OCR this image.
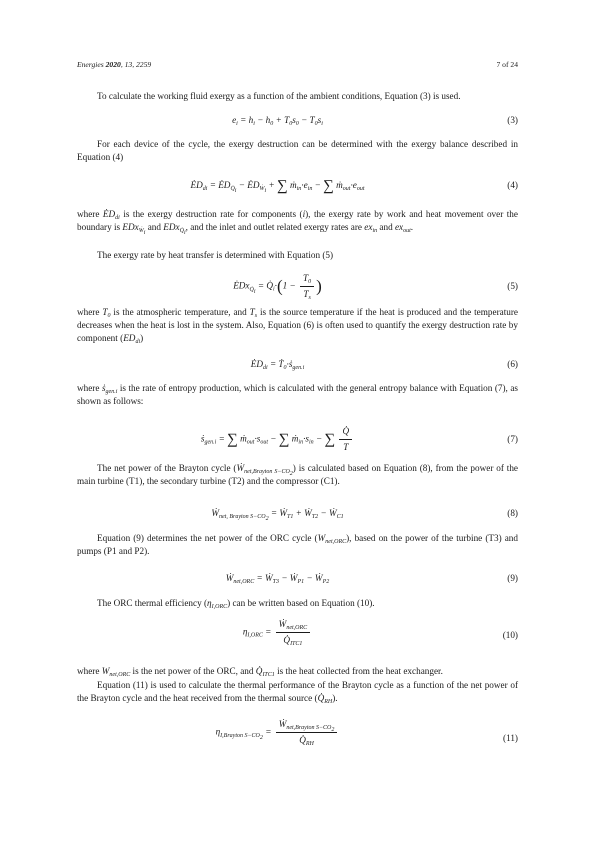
Energies 2020, 13, 2259	7 of 24
To calculate the working fluid exergy as a function of the ambient conditions, Equation (3) is used.
$e_i = h_i - h_0 + T_0s_0 - T_0s_i$	(3)
For each device of the cycle, the exergy destruction can be determined with the exergy balance described in Equation (4)
$ĖD_{di}$ = $ĖD_{Q̇_i}$ − $ĖD_{Ẇ_i}$ + ∑ $ṁ_{in}\cdot e_{in}$ − ∑ $ṁ_{out}\cdot e_{out}$	(4)
where $ĖD_{di}$ is the exergy destruction rate for components (i), the exergy rate by work and heat movement over the boundary is EDx$_{Ẇ_i}$ and EDx$_{Q̇_i}$, and the inlet and outlet related exergy rates are $ex_{in}$ and $ex_{out}$.
The exergy rate by heat transfer is determined with Equation (5)
ĖDx$_{Q̇_i}$ = $Q̇_i\cdot(1 - \frac{T_0}{T_s}$ )	(5)
where $T_0$ is the atmospheric temperature, and $T_s$ is the source temperature if the heat is produced and the temperature decreases when the heat is lost in the system. Also, Equation (6) is often used to quantify the exergy destruction rate by component $(ED_{di})$
$ĖD_{di}$ = Ṫ$_0$·ṡ$_{gen.i}$	(6)
where ṡ$_{gen.i}$ is the rate of entropy production, which is calculated with the general entropy balance with Equation (7), as shown as follows:
ṡ$_{gen.i}$ = ∑ $ṁ_{out}\cdot s_{out}$ − ∑ $ṁ_{in}\cdot s_{in}$ − ∑ $\frac{Q̇}{T}$	(7)
The net power of the Brayton cycle (Ẇ$_{net,Brayton S-CO_2}$) is calculated based on Equation (8), from the power of the main turbine (T1), the secondary turbine (T2) and the compressor (C1).
Ẇ$_{net, Brayton S-CO_2}$ = Ẇ$_{T1}$ + Ẇ$_{T2}$ − Ẇ$_{C1}$	(8)
Equation (9) determines the net power of the ORC cycle $(W_{net,ORC})$, based on the power of the turbine (T3) and pumps (P1 and P2).
Ẇ$_{net,ORC}$ = Ẇ$_{T3}$ − Ẇ$_{P1}$ − Ẇ$_{P2}$	(9)
The ORC thermal efficiency $(\eta_{I,ORC})$ can be written based on Equation (10).
$\eta_{I,ORC} = \frac{Ẇ_{net,ORC}}{Q̇_{ITC1}}$	(10)
where $W_{net,ORC}$ is the net power of the ORC, and $Q̇_{ITC1}$ is the heat collected from the heat exchanger.
Equation (11) is used to calculate the thermal performance of the Brayton cycle as a function of the net power of the Brayton cycle and the heat received from the thermal source $(Q̇_{RH})$.
$\eta_{I,Brayton S-CO_2} = \frac{Ẇ_{net,Brayton S-CO_2}}{Q̇_{RH}}$	(11)
